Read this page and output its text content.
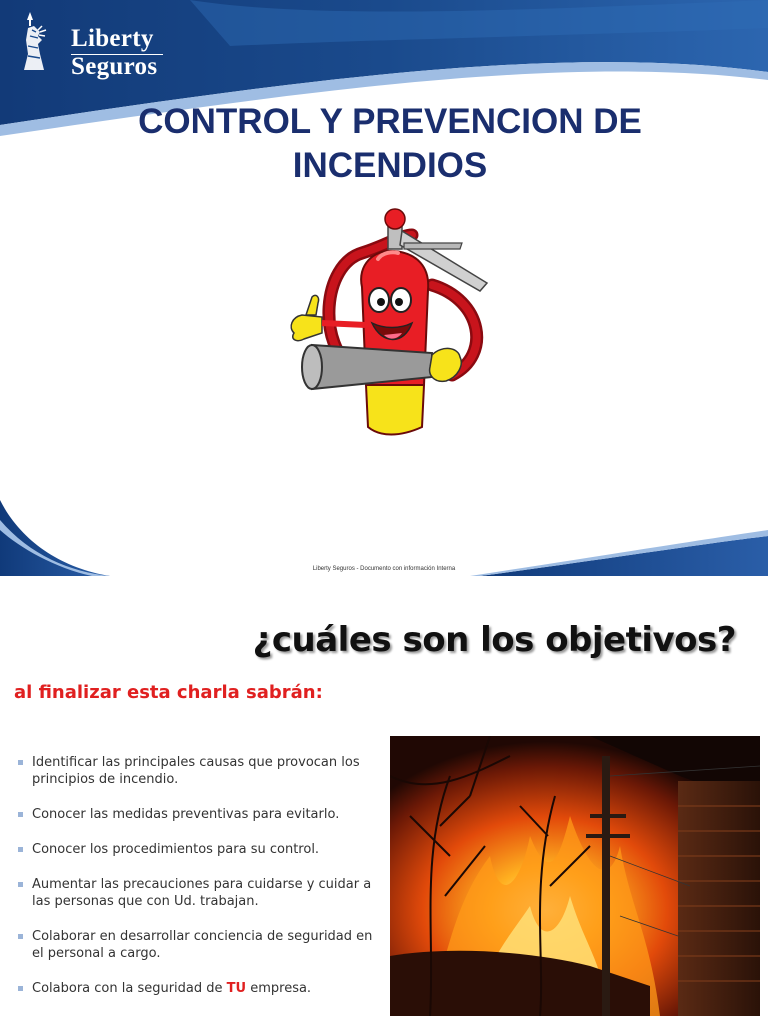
Liberty
Seguros
CONTROL Y PREVENCION DE
INCENDIOS
Liberty Seguros - Documento con información Interna
¿cuáles son los objetivos?
al finalizar esta charla sabrán:
Identificar las principales causas que provocan los principios de incendio.
Conocer las medidas preventivas para evitarlo.
Conocer los procedimientos para su control.
Aumentar las precauciones para cuidarse y cuidar a las personas que con Ud. trabajan.
Colaborar en desarrollar conciencia de seguridad en el personal a cargo.
Colabora con la seguridad de TU empresa.
